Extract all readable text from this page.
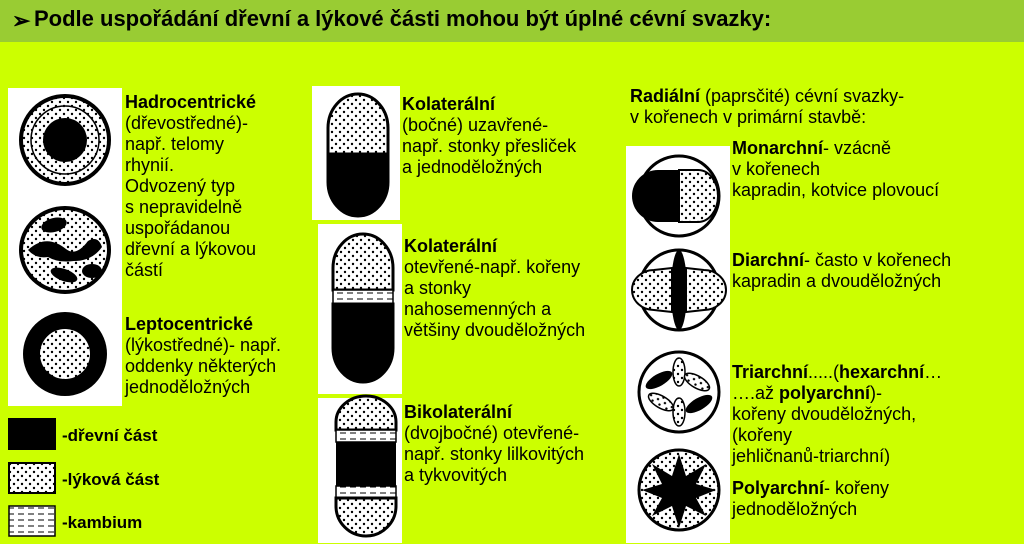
➢ Podle uspořádání dřevní a lýkové části mohou být úplné cévní svazky:
Hadrocentrické
(dřevostředné)-
např. telomy
rhynií.
Odvozený typ
s nepravidelně
uspořádanou
dřevní a lýkovou
částí
Leptocentrické
(lýkostředné)- např.
oddenky některých
jednoděložných
-dřevní část
-lýková část
-kambium
Kolaterální
(bočné) uzavřené-
např. stonky přesliček
a jednoděložných
Kolaterální
otevřené-např. kořeny
a stonky
nahosemenných a
většiny dvouděložných
Bikolaterální
(dvojbočné) otevřené-
např. stonky lilkovitých
a tykvovitých
Radiální (paprsčité) cévní svazky-
v kořenech v primární stavbě:
Monarchní- vzácně
v kořenech
kapradin, kotvice plovoucí
Diarchní- často v kořenech
kapradin a dvouděložných
Triarchní.....(hexarchní…
….až polyarchní)-
kořeny dvouděložných,
(kořeny
jehličnanů-triarchní)
Polyarchní- kořeny
jednoděložných
